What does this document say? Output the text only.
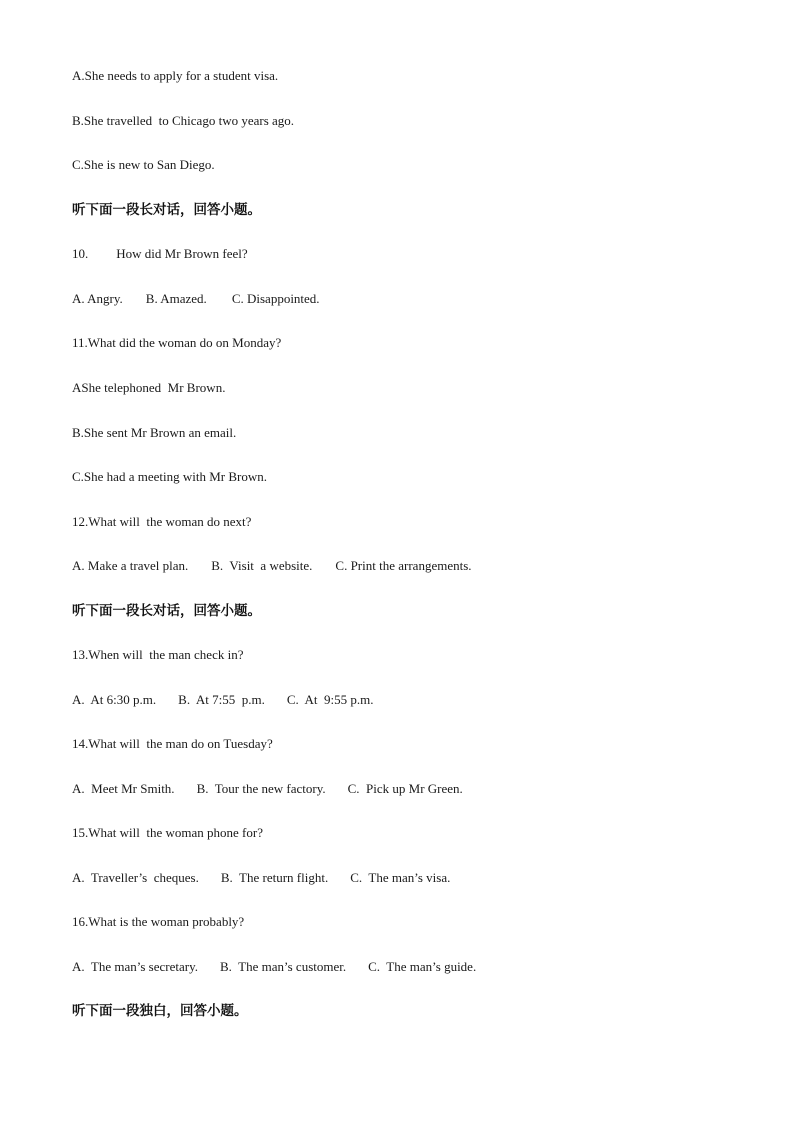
A.She needs to apply for a student visa.

B.She travelled  to Chicago two years ago.

C.She is new to San Diego.

听下面一段长对话，回答小题。

10. How did Mr Brown feel?

A. Angry. B. Amazed. C. Disappointed.

11.What did the woman do on Monday?

AShe telephoned  Mr Brown.

B.She sent Mr Brown an email.

C.She had a meeting with Mr Brown.

12.What will  the woman do next?

A. Make a travel plan. B.  Visit  a website. C. Print the arrangements.

听下面一段长对话，回答小题。

13.When will  the man check in?

A.  At 6:30 p.m. B.  At 7:55  p.m. C.  At  9:55 p.m.

14.What will  the man do on Tuesday?

A.  Meet Mr Smith. B.  Tour the new factory. C.  Pick up Mr Green.

15.What will  the woman phone for?

A.  Traveller’s  cheques. B.  The return flight. C.  The man’s visa.

16.What is the woman probably?

A.  The man’s secretary. B.  The man’s customer. C.  The man’s guide.

听下面一段独白，回答小题。
